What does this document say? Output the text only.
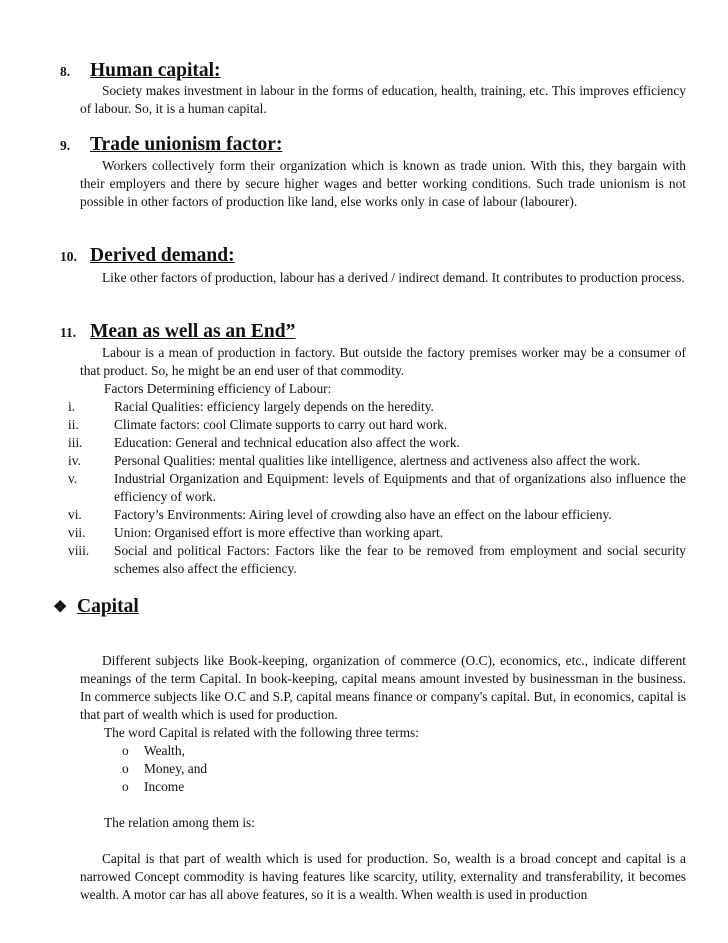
8. Human capital:
Society makes investment in labour in the forms of education, health, training, etc. This improves efficiency of labour. So, it is a human capital.
9. Trade unionism factor:
Workers collectively form their organization which is known as trade union. With this, they bargain with their employers and there by secure higher wages and better working conditions. Such trade unionism is not possible in other factors of production like land, else works only in case of labour (labourer).
10. Derived demand:
Like other factors of production, labour has a derived / indirect demand. It contributes to production process.
11. Mean as well as an End”
Labour is a mean of production in factory. But outside the factory premises worker may be a consumer of that product. So, he might be an end user of that commodity.
Factors Determining efficiency of Labour:
i.	Racial Qualities: efficiency largely depends on the heredity.
ii.	Climate factors: cool Climate supports to carry out hard work.
iii. Education: General and technical education also affect the work.
iv. Personal Qualities: mental qualities like intelligence, alertness and activeness also affect the work.
v.	Industrial Organization and Equipment: levels of Equipments and that of organizations also influence the efficiency of work.
vi. Factory’s Environments: Airing level of crowding also have an effect on the labour efficieny.
vii. Union: Organised effort is more effective than working apart.
viii. Social and political Factors: Factors like the fear to be removed from employment and social security schemes also affect the efficiency.
❖ Capital
Different subjects like Book-keeping, organization of commerce (O.C), economics, etc., indicate different meanings of the term Capital. In book-keeping, capital means amount invested by businessman in the business. In commerce subjects like O.C and S.P, capital means finance or company's capital. But, in economics, capital is that part of wealth which is used for production.
The word Capital is related with the following three terms:
o Wealth,
o Money, and
o Income
The relation among them is:
Capital is that part of wealth which is used for production. So, wealth is a broad concept and capital is a narrowed Concept commodity is having features like scarcity, utility, externality and transferability, it becomes wealth. A motor car has all above features, so it is a wealth. When wealth is used in production
